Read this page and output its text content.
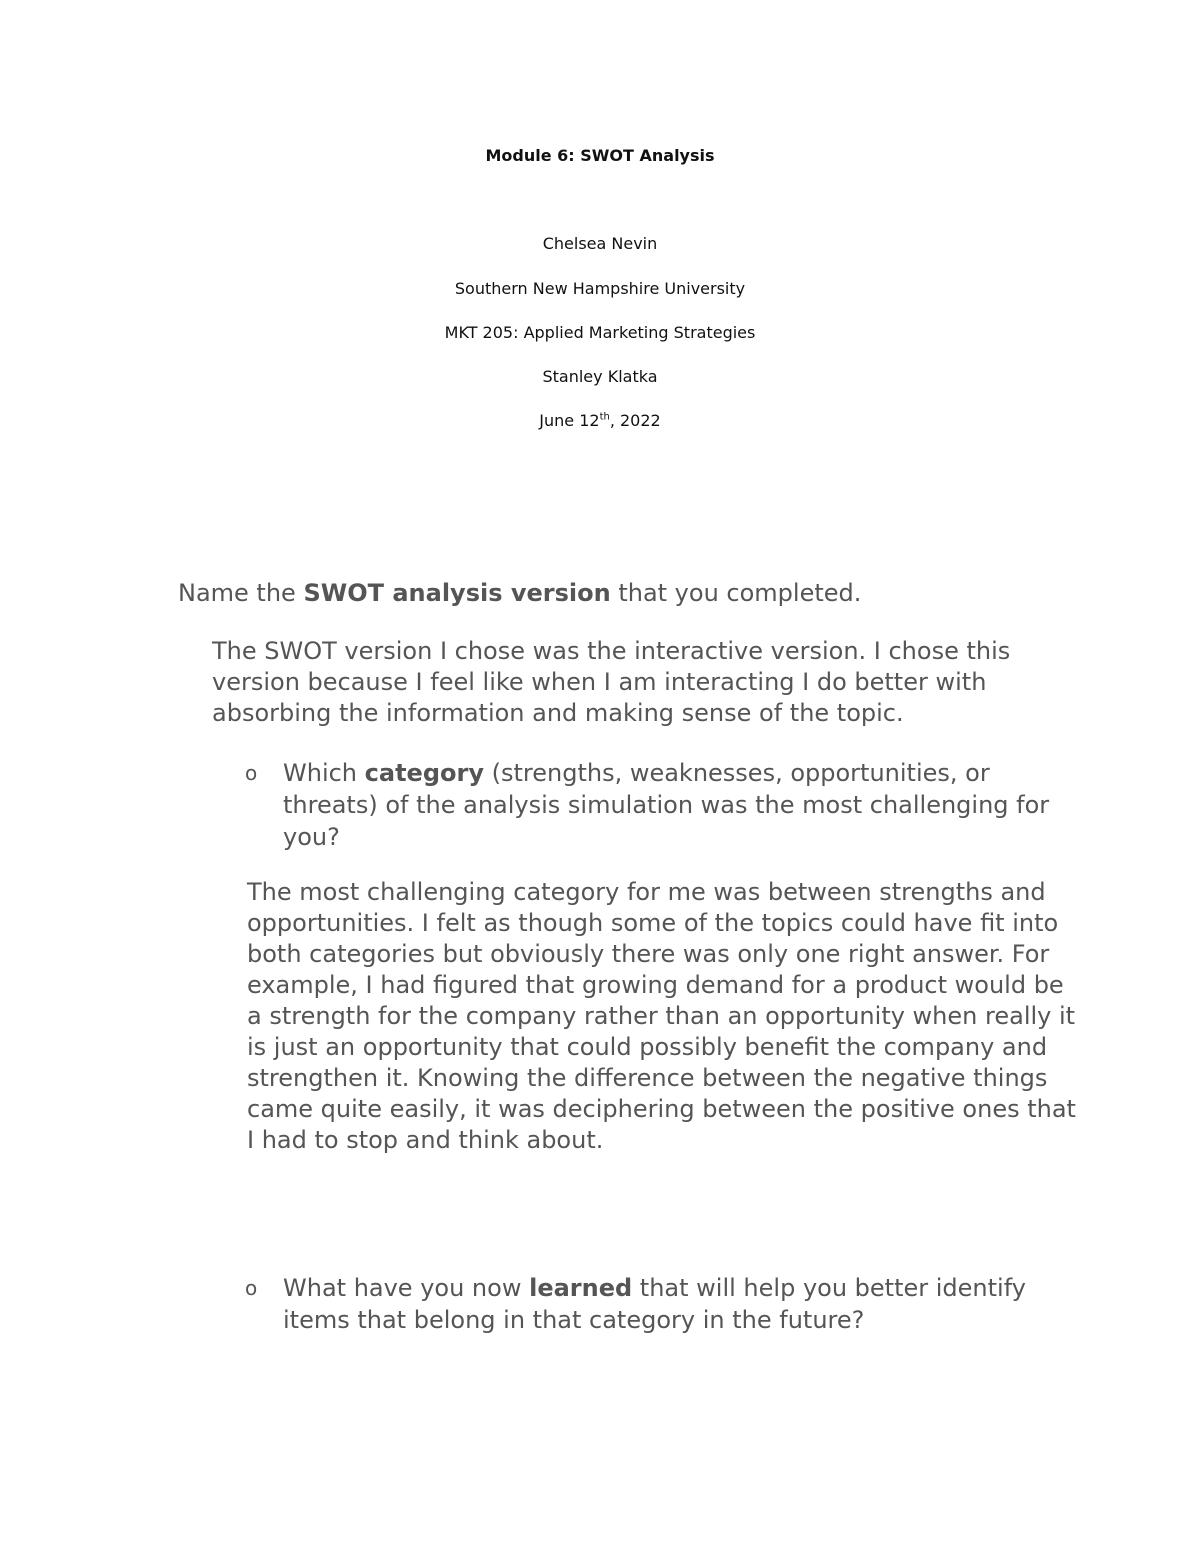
Module 6: SWOT Analysis
Chelsea Nevin
Southern New Hampshire University
MKT 205: Applied Marketing Strategies
Stanley Klatka
June 12th, 2022
Name the SWOT analysis version that you completed.
The SWOT version I chose was the interactive version. I chose this version because I feel like when I am interacting I do better with absorbing the information and making sense of the topic.
o Which category (strengths, weaknesses, opportunities, or threats) of the analysis simulation was the most challenging for you?
The most challenging category for me was between strengths and opportunities. I felt as though some of the topics could have fit into both categories but obviously there was only one right answer. For example, I had figured that growing demand for a product would be a strength for the company rather than an opportunity when really it is just an opportunity that could possibly benefit the company and strengthen it. Knowing the difference between the negative things came quite easily, it was deciphering between the positive ones that I had to stop and think about.
o What have you now learned that will help you better identify items that belong in that category in the future?
